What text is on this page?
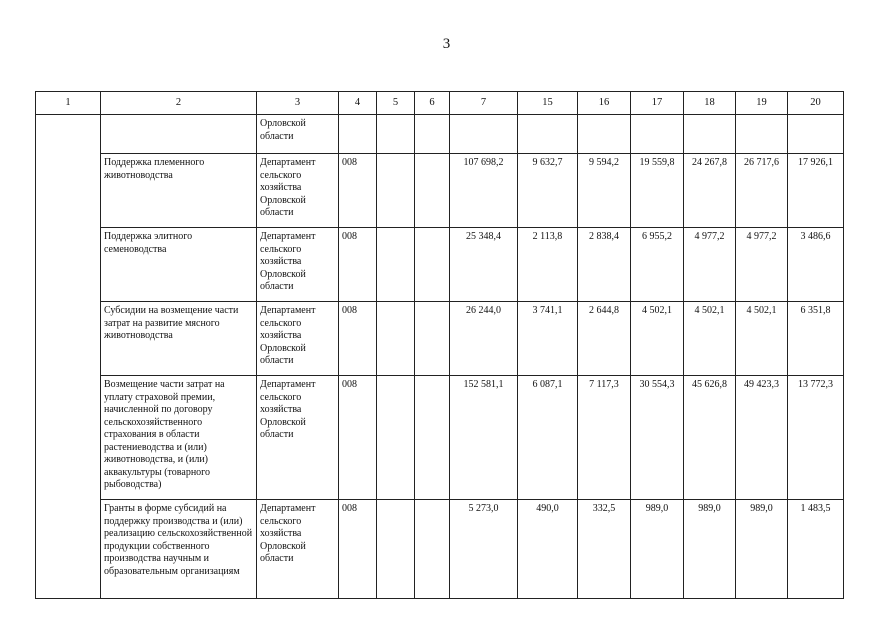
3
1	2	3	4	5	6	7	15	16	17	18	19	20
		Орловской области										
	Поддержка племенного животноводства	Департамент сельского хозяйства Орловской области	008			107 698,2	9 632,7	9 594,2	19 559,8	24 267,8	26 717,6	17 926,1
	Поддержка элитного семеноводства	Департамент сельского хозяйства Орловской области	008			25 348,4	2 113,8	2 838,4	6 955,2	4 977,2	4 977,2	3 486,6
	Субсидии на возмещение части затрат на развитие мясного животноводства	Департамент сельского хозяйства Орловской области	008			26 244,0	3 741,1	2 644,8	4 502,1	4 502,1	4 502,1	6 351,8
	Возмещение части затрат на уплату страховой премии, начисленной по договору сельскохозяйственного страхования в области растениеводства и (или) животноводства, и (или) аквакультуры (товарного рыбоводства)	Департамент сельского хозяйства Орловской области	008			152 581,1	6 087,1	7 117,3	30 554,3	45 626,8	49 423,3	13 772,3
	Гранты в форме субсидий на поддержку производства и (или) реализацию сельскохозяйственной продукции собственного производства научным и образовательным организациям	Департамент сельского хозяйства Орловской области	008			5 273,0	490,0	332,5	989,0	989,0	989,0	1 483,5
